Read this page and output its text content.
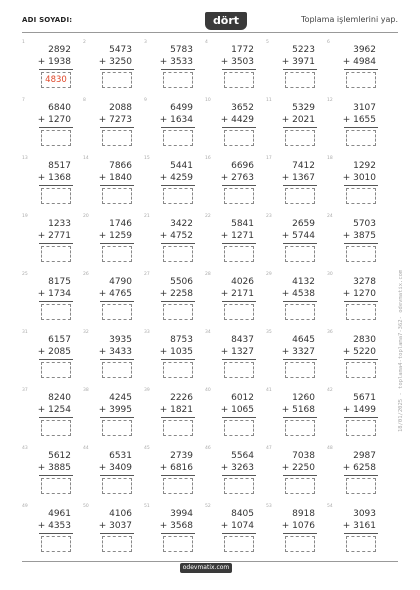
ADI SOYADI:	dört	Toplama işlemlerini yap.
1
2892
+ 1938
4830
2
5473
+ 3250
3
5783
+ 3533
4
1772
+ 3503
5
5223
+ 3971
6
3962
+ 4984
7
6840
+ 1270
8
2088
+ 7273
9
6499
+ 1634
10
3652
+ 4429
11
5329
+ 2021
12
3107
+ 1655
13
8517
+ 1368
14
7866
+ 1840
15
5441
+ 4259
16
6696
+ 2763
17
7412
+ 1367
18
1292
+ 3010
19
1233
+ 2771
20
1746
+ 1259
21
3422
+ 4752
22
5841
+ 1271
23
2659
+ 5744
24
5703
+ 3875
25
8175
+ 1734
26
4790
+ 4765
27
5506
+ 2258
28
4026
+ 2171
29
4132
+ 4538
30
3278
+ 1270
31
6157
+ 2085
32
3935
+ 3433
33
8753
+ 1035
34
8437
+ 1327
35
4645
+ 3327
36
2830
+ 5220
37
8240
+ 1254
38
4245
+ 3995
39
2226
+ 1821
40
6012
+ 1065
41
1260
+ 5168
42
5671
+ 1499
43
5612
+ 3885
44
6531
+ 3409
45
2739
+ 6816
46
5564
+ 3263
47
7038
+ 2250
48
2987
+ 6258
49
4961
+ 4353
50
4106
+ 3037
51
3994
+ 3568
52
8405
+ 1074
53
8918
+ 1076
54
3093
+ 3161
18/01/2025 - toplama4-toplama7-362- odevmatix.com
odevmatix.com
